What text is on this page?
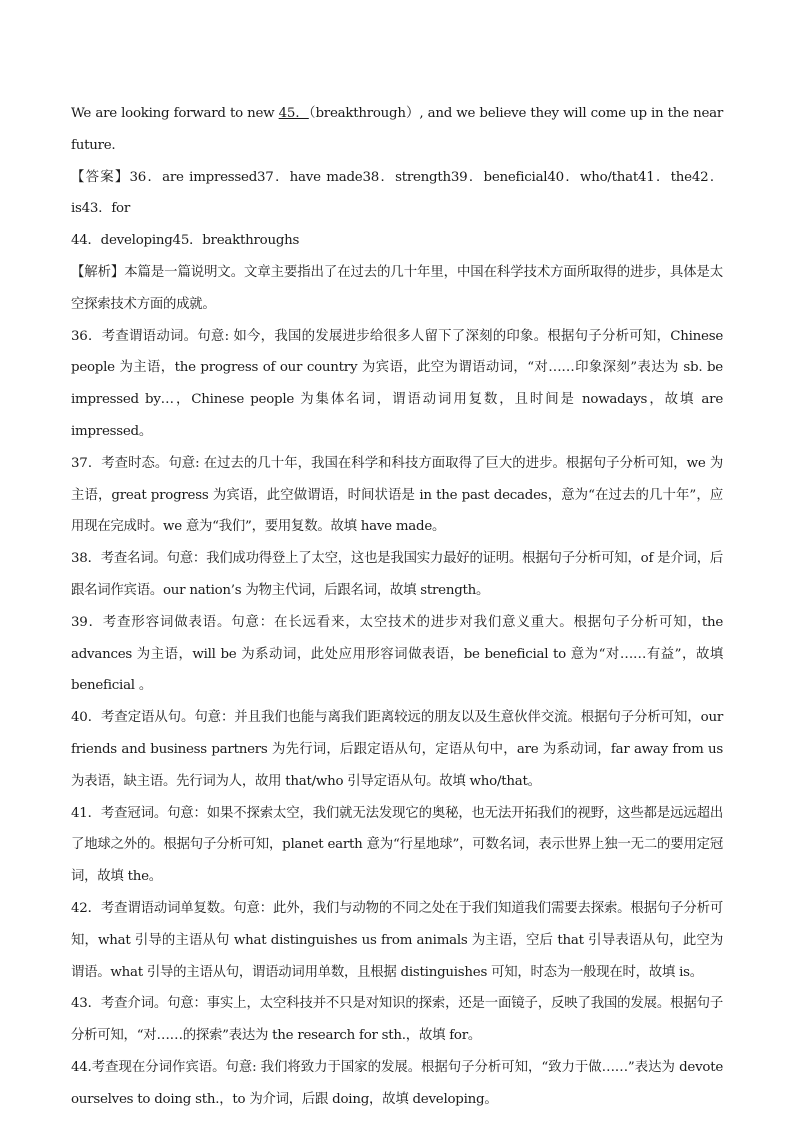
We are looking forward to new 45．（breakthrough）, and we believe they will come up in the near future.

【答案】36．are impressed37．have made38．strength39．beneficial40．who/that41．the42．is43．for

44．developing45．breakthroughs

【解析】本篇是一篇说明文。文章主要指出了在过去的几十年里，中国在科学技术方面所取得的进步，具体是太空探索技术方面的成就。

36．考查谓语动词。句意: 如今，我国的发展进步给很多人留下了深刻的印象。根据句子分析可知，Chinese people 为主语，the progress of our country 为宾语，此空为谓语动词，“对……印象深刻”表达为 sb. be impressed by…，Chinese people 为集体名词，谓语动词用复数，且时间是 nowadays，故填 are impressed。

37．考查时态。句意: 在过去的几十年，我国在科学和科技方面取得了巨大的进步。根据句子分析可知，we 为主语，great progress 为宾语，此空做谓语，时间状语是 in the past decades，意为“在过去的几十年”，应用现在完成时。we 意为“我们”，要用复数。故填 have made。

38．考查名词。句意：我们成功得登上了太空，这也是我国实力最好的证明。根据句子分析可知，of 是介词，后跟名词作宾语。our nation’s 为物主代词，后跟名词，故填 strength。

39．考查形容词做表语。句意：在长远看来，太空技术的进步对我们意义重大。根据句子分析可知，the advances 为主语，will be 为系动词，此处应用形容词做表语，be beneficial to 意为“对……有益”，故填 beneficial 。

40．考查定语从句。句意：并且我们也能与离我们距离较远的朋友以及生意伙伴交流。根据句子分析可知，our friends and business partners 为先行词，后跟定语从句，定语从句中，are 为系动词，far away from us 为表语，缺主语。先行词为人，故用 that/who 引导定语从句。故填 who/that。

41．考查冠词。句意：如果不探索太空，我们就无法发现它的奥秘，也无法开拓我们的视野，这些都是远远超出了地球之外的。根据句子分析可知，planet earth 意为“行星地球”，可数名词，表示世界上独一无二的要用定冠词，故填 the。

42．考查谓语动词单复数。句意：此外，我们与动物的不同之处在于我们知道我们需要去探索。根据句子分析可知，what 引导的主语从句 what distinguishes us from animals 为主语，空后 that 引导表语从句，此空为谓语。what 引导的主语从句，谓语动词用单数，且根据 distinguishes 可知，时态为一般现在时，故填 is。

43．考查介词。句意：事实上，太空科技并不只是对知识的探索，还是一面镜子，反映了我国的发展。根据句子分析可知，“对……的探索”表达为 the research for sth.，故填 for。

44.考查现在分词作宾语。句意: 我们将致力于国家的发展。根据句子分析可知，“致力于做……”表达为 devote ourselves to doing sth.，to 为介词，后跟 doing，故填 developing。
